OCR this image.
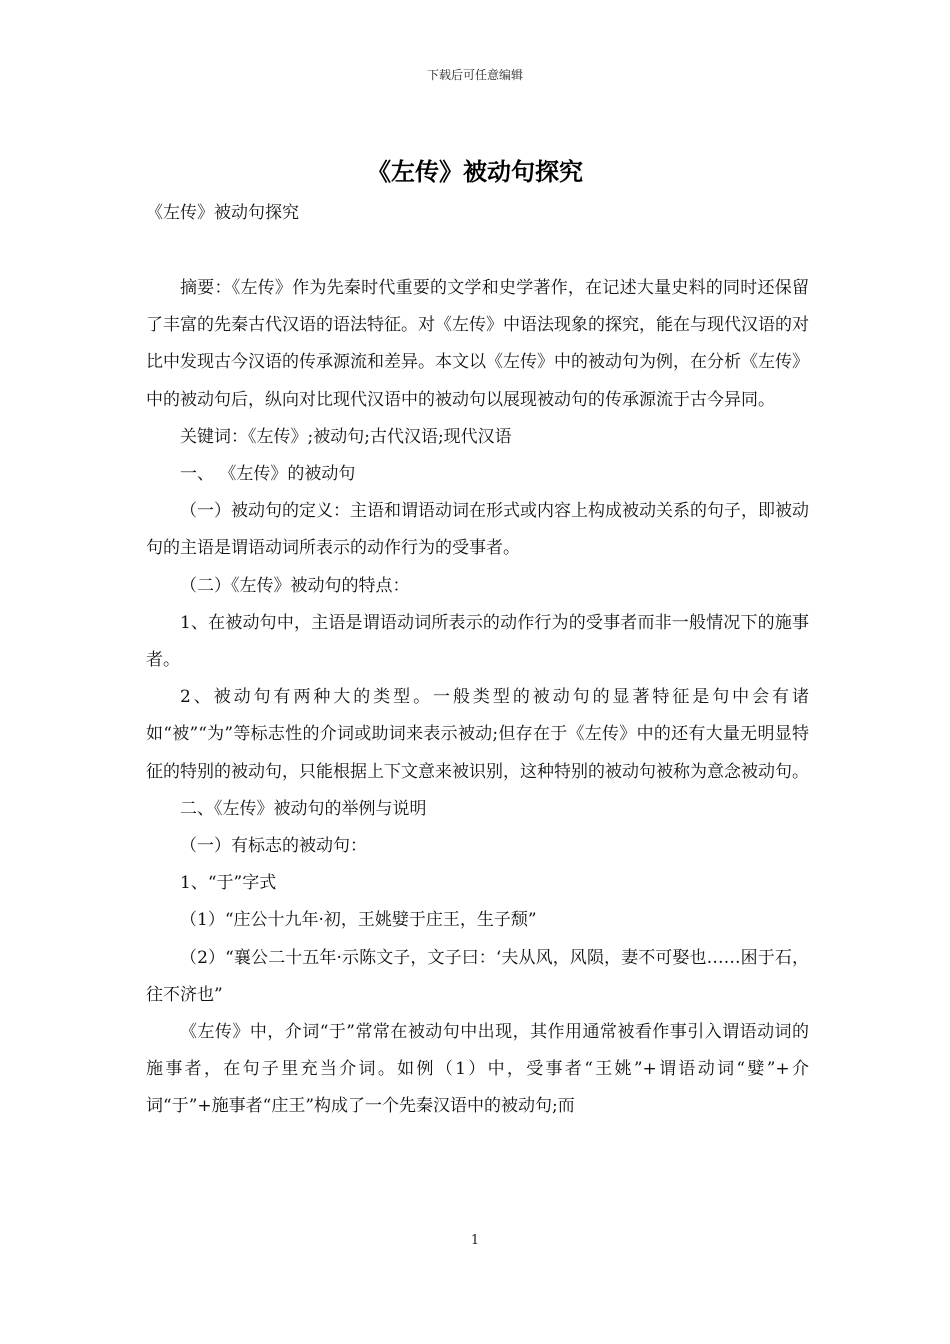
下载后可任意编辑
《左传》被动句探究
《左传》被动句探究

摘要：《左传》作为先秦时代重要的文学和史学著作，在记述大量史料的同时还保留了丰富的先秦古代汉语的语法特征。对《左传》中语法现象的探究，能在与现代汉语的对比中发现古今汉语的传承源流和差异。本文以《左传》中的被动句为例，在分析《左传》中的被动句后，纵向对比现代汉语中的被动句以展现被动句的传承源流于古今异同。

关键词：《左传》;被动句;古代汉语;现代汉语

一、 《左传》的被动句

（一）被动句的定义：主语和谓语动词在形式或内容上构成被动关系的句子，即被动句的主语是谓语动词所表示的动作行为的受事者。

（二）《左传》被动句的特点：

1、在被动句中，主语是谓语动词所表示的动作行为的受事者而非一般情况下的施事者。

2、被动句有两种大的类型。一般类型的被动句的显著特征是句中会有诸如“被”“为”等标志性的介词或助词来表示被动;但存在于《左传》中的还有大量无明显特征的特别的被动句，只能根据上下文意来被识别，这种特别的被动句被称为意念被动句。

二、《左传》被动句的举例与说明

（一）有标志的被动句：

1、“于”字式

（1）“庄公十九年·初，王姚嬖于庄王，生子颓”

（2）“襄公二十五年·示陈文子，文子曰：‘夫从风，风陨，妻不可娶也……困于石，往不济也”

《左传》中，介词“于”常常在被动句中出现，其作用通常被看作事引入谓语动词的施事者，在句子里充当介词。如例（1）中，受事者“王姚”+谓语动词“嬖”+介词“于”+施事者“庄王”构成了一个先秦汉语中的被动句;而

1
